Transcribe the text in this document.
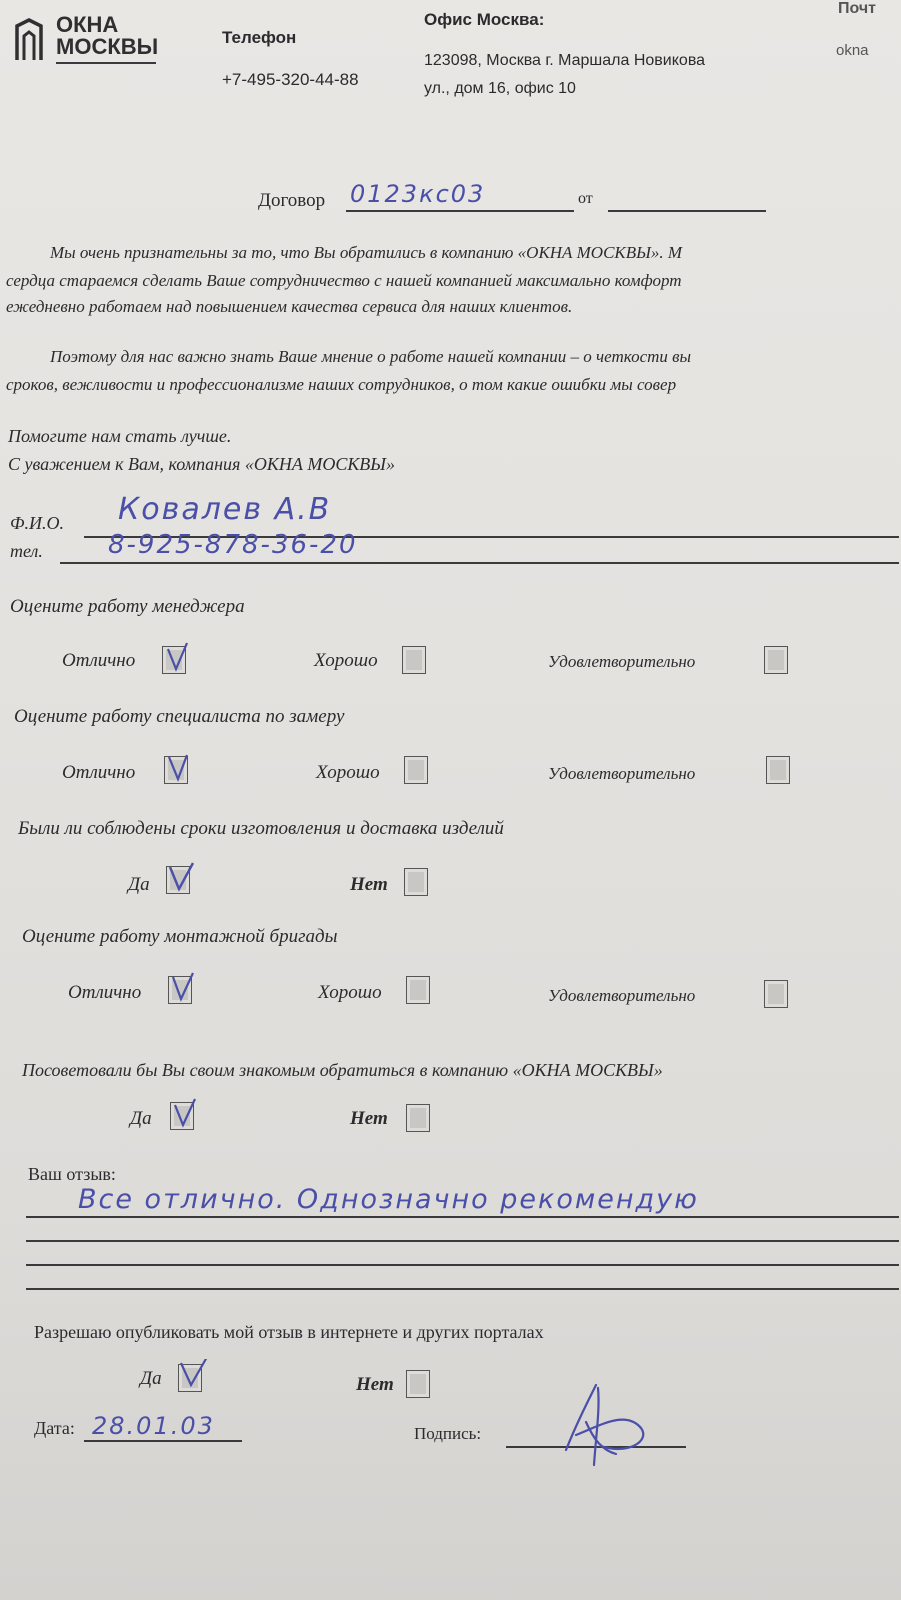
ОКНА
МОСКВЫ	Телефон
+7-495-320-44-88
Офис Москва:
123098, Москва г. Маршала Новикова
ул., дом 16, офис 10
Почт
okna
Договор 0123кс03	от
Мы очень признательны за то, что Вы обратились в компанию «ОКНА МОСКВЫ». М
сердца стараемся сделать Ваше сотрудничество с нашей компанией максимально комфорт
ежедневно работаем над повышением качества сервиса для наших клиентов.
Поэтому для нас важно знать Ваше мнение о работе нашей компании – о четкости вы
сроков, вежливости и профессионализме наших сотрудников, о том какие ошибки мы совер
Помогите нам стать лучше.
С уважением к Вам, компания «ОКНА МОСКВЫ»
Ф.И.О. Ковалев А.В
тел.	8-925-878-36-20
Оцените работу менеджера
Отлично	Хорошо	Удовлетворительно
Оцените работу специалиста по замеру
Отлично	Хорошо	Удовлетворительно
Были ли соблюдены сроки изготовления и доставка изделий
Да	Нет
Оцените работу монтажной бригады
Отлично	Хорошо	Удовлетворительно
Посоветовали бы Вы своим знакомым обратиться в компанию «ОКНА МОСКВЫ»
Да	Нет
Ваш отзыв:
Все отлично. Однозначно рекомендую
Разрешаю опубликовать мой отзыв в интернете и других порталах
Да	Нет
Дата: 28.01.03	Подпись:
